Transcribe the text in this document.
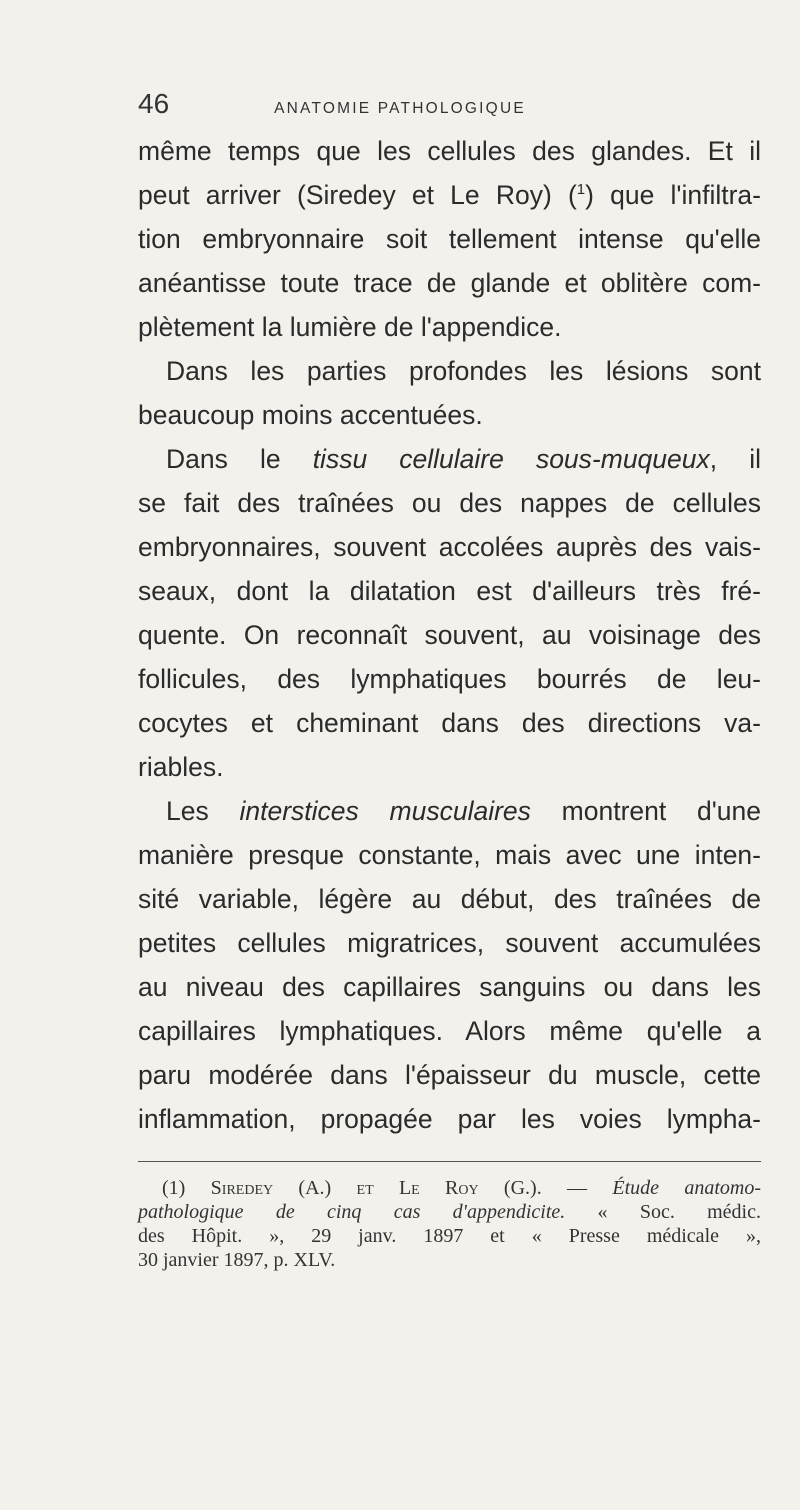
46	ANATOMIE PATHOLOGIQUE
même temps que les cellules des glandes. Et il
peut arriver (Siredey et Le Roy) ($^1$) que l'infiltra-
tion embryonnaire soit tellement intense qu'elle
anéantisse toute trace de glande et oblitère com-
plètement la lumière de l'appendice.
Dans les parties profondes les lésions sont
beaucoup moins accentuées.
Dans le tissu cellulaire sous-muqueux, il
se fait des traînées ou des nappes de cellules
embryonnaires, souvent accolées auprès des vais-
seaux, dont la dilatation est d'ailleurs très fré-
quente. On reconnaît souvent, au voisinage des
follicules, des lymphatiques bourrés de leu-
cocytes et cheminant dans des directions va-
riables.
Les interstices musculaires montrent d'une
manière presque constante, mais avec une inten-
sité variable, légère au début, des traînées de
petites cellules migratrices, souvent accumulées
au niveau des capillaires sanguins ou dans les
capillaires lymphatiques. Alors même qu'elle a
paru modérée dans l'épaisseur du muscle, cette
inflammation, propagée par les voies lympha-
(1) Siredey (A.) et Le Roy (G.). — Étude anatomo-
pathologique de cinq cas d'appendicite. « Soc. médic.
des Hôpit. », 29 janv. 1897 et « Presse médicale »,
30 janvier 1897, p. XLV.
